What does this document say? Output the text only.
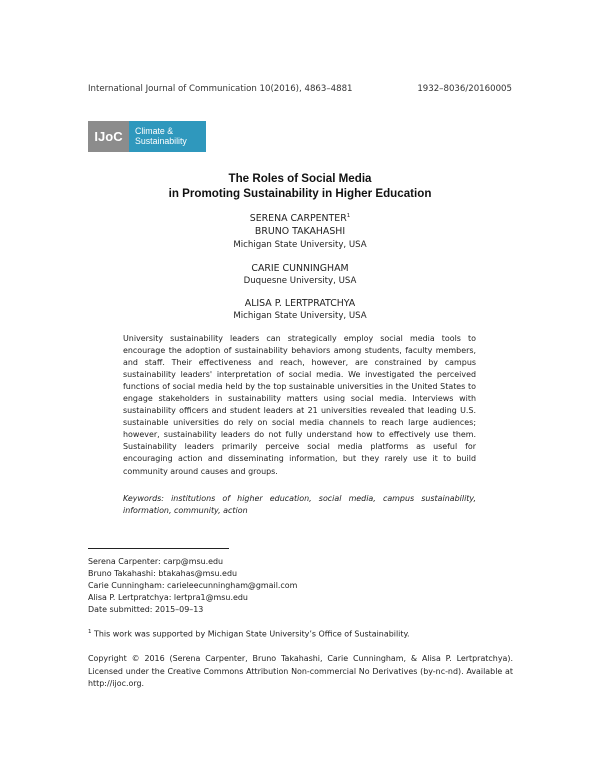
International Journal of Communication 10(2016), 4863–4881	1932–8036/20160005
IJoC	Climate &
Sustainability
The Roles of Social Media
in Promoting Sustainability in Higher Education
SERENA CARPENTER$^1$
BRUNO TAKAHASHI
Michigan State University, USA
CARIE CUNNINGHAM
Duquesne University, USA
ALISA P. LERTPRATCHYA
Michigan State University, USA

University sustainability leaders can strategically employ social media tools to encourage the adoption of sustainability behaviors among students, faculty members, and staff. Their effectiveness and reach, however, are constrained by campus sustainability leaders' interpretation of social media. We investigated the perceived functions of social media held by the top sustainable universities in the United States to engage stakeholders in sustainability matters using social media. Interviews with sustainability officers and student leaders at 21 universities revealed that leading U.S. sustainable universities do rely on social media channels to reach large audiences; however, sustainability leaders do not fully understand how to effectively use them. Sustainability leaders primarily perceive social media platforms as useful for encouraging action and disseminating information, but they rarely use it to build community around causes and groups.

Keywords: institutions of higher education, social media, campus sustainability, information, community, action

Serena Carpenter: carp@msu.edu
Bruno Takahashi: btakahas@msu.edu
Carie Cunningham: carieleecunningham@gmail.com
Alisa P. Lertpratchya: lertpra1@msu.edu
Date submitted: 2015–09–13
$^1$ This work was supported by Michigan State University’s Office of Sustainability.

Copyright © 2016 (Serena Carpenter, Bruno Takahashi, Carie Cunningham, & Alisa P. Lertpratchya). Licensed under the Creative Commons Attribution Non-commercial No Derivatives (by-nc-nd). Available at http://ijoc.org.
